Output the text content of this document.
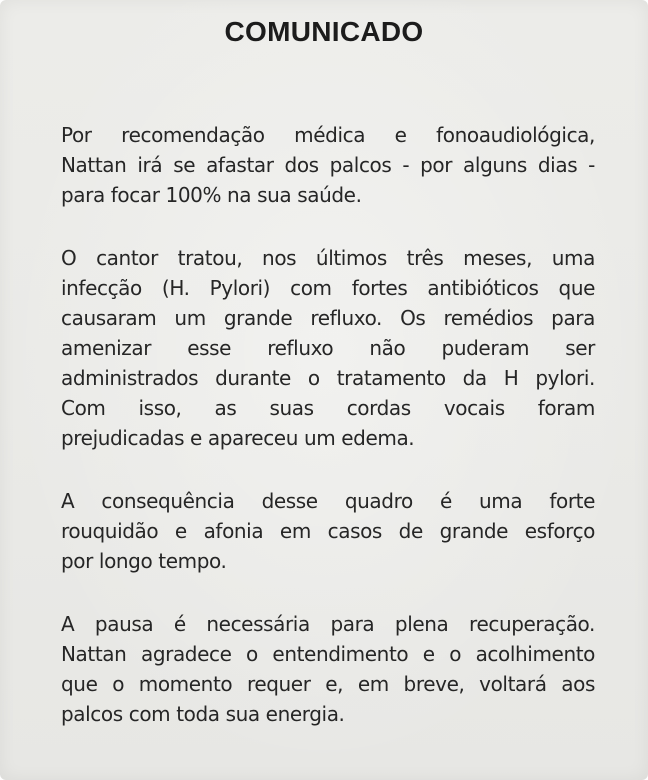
COMUNICADO
Por recomendação médica e fonoaudiológica,
Nattan irá se afastar dos palcos - por alguns dias -
para focar 100% na sua saúde.
O cantor tratou, nos últimos três meses, uma
infecção (H. Pylori) com fortes antibióticos que
causaram um grande refluxo. Os remédios para
amenizar esse refluxo não puderam ser
administrados durante o tratamento da H pylori.
Com isso, as suas cordas vocais foram
prejudicadas e apareceu um edema.
A consequência desse quadro é uma forte
rouquidão e afonia em casos de grande esforço
por longo tempo.
A pausa é necessária para plena recuperação.
Nattan agradece o entendimento e o acolhimento
que o momento requer e, em breve, voltará aos
palcos com toda sua energia.
